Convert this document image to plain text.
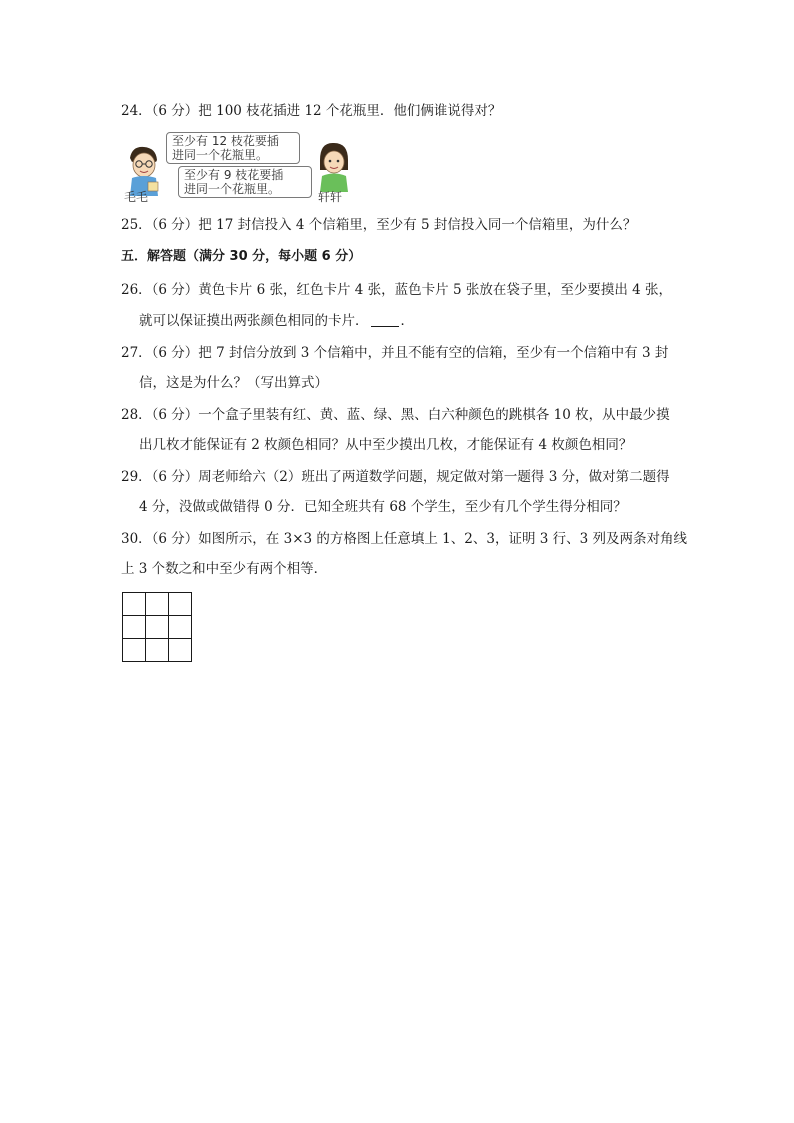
24．（6 分）把 100 枝花插进 12 个花瓶里．他们俩谁说得对？
毛毛
至少有 12 枝花要插
进同一个花瓶里。
至少有 9 枝花要插
进同一个花瓶里。
轩轩
25．（6 分）把 17 封信投入 4 个信箱里，至少有 5 封信投入同一个信箱里，为什么？
五．解答题（满分 30 分，每小题 6 分）
26．（6 分）黄色卡片 6 张，红色卡片 4 张，蓝色卡片 5 张放在袋子里，至少要摸出 4 张，
就可以保证摸出两张颜色相同的卡片． ．
27．（6 分）把 7 封信分放到 3 个信箱中，并且不能有空的信箱，至少有一个信箱中有 3 封
信，这是为什么？（写出算式）
28．（6 分）一个盒子里装有红、黄、蓝、绿、黑、白六种颜色的跳棋各 10 枚，从中最少摸
出几枚才能保证有 2 枚颜色相同？从中至少摸出几枚，才能保证有 4 枚颜色相同？
29．（6 分）周老师给六（2）班出了两道数学问题，规定做对第一题得 3 分，做对第二题得
4 分，没做或做错得 0 分．已知全班共有 68 个学生，至少有几个学生得分相同？
30．（6 分）如图所示，在 3×3 的方格图上任意填上 1、2、3，证明 3 行、3 列及两条对角线
上 3 个数之和中至少有两个相等．
